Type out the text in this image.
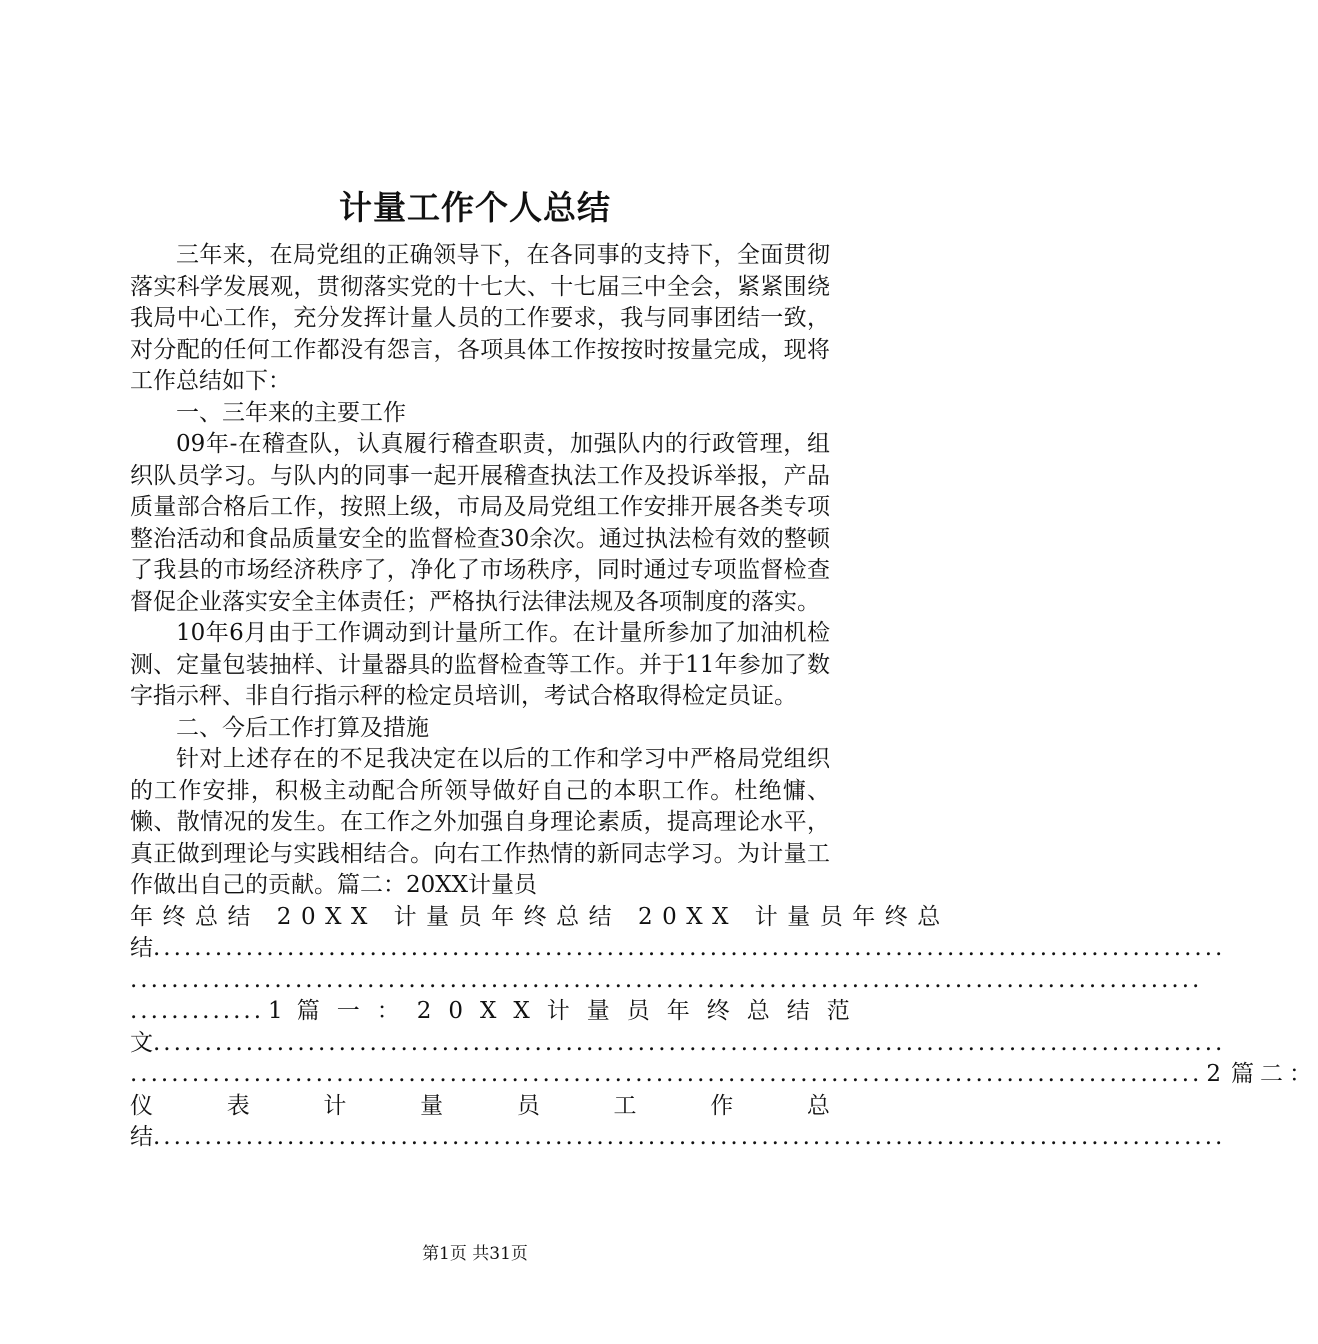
计量工作个人总结

三年来，在局党组的正确领导下，在各同事的支持下，全面贯彻落实科学发展观，贯彻落实党的十七大、十七届三中全会，紧紧围绕我局中心工作，充分发挥计量人员的工作要求，我与同事团结一致，对分配的任何工作都没有怨言，各项具体工作按按时按量完成，现将工作总结如下：

一、三年来的主要工作

09年-在稽查队，认真履行稽查职责，加强队内的行政管理，组织队员学习。与队内的同事一起开展稽查执法工作及投诉举报，产品质量部合格后工作，按照上级，市局及局党组工作安排开展各类专项整治活动和食品质量安全的监督检查30余次。通过执法检有效的整顿了我县的市场经济秩序了，净化了市场秩序，同时通过专项监督检查督促企业落实安全主体责任；严格执行法律法规及各项制度的落实。

10年6月由于工作调动到计量所工作。在计量所参加了加油机检测、定量包装抽样、计量器具的监督检查等工作。并于11年参加了数字指示秤、非自行指示秤的检定员培训，考试合格取得检定员证。

二、今后工作打算及措施

针对上述存在的不足我决定在以后的工作和学习中严格局党组织的工作安排，积极主动配合所领导做好自己的本职工作。杜绝慵、懒、散情况的发生。在工作之外加强自身理论素质，提高理论水平，真正做到理论与实践相结合。向右工作热情的新同志学习。为计量工作做出自己的贡献。篇二：20XX计量员

年终总结 20XX 计量员年终总结 20XX 计量员年终总
结 ........................................................................................................
........................................................................................................
............. 1 篇一：20XX计量员年终总结范
文 ........................................................................................................
........................................................................................................ 2 篇二：
仪	表	计	量	员	工	作	总
结 ........................................................................................................
第1页 共31页
